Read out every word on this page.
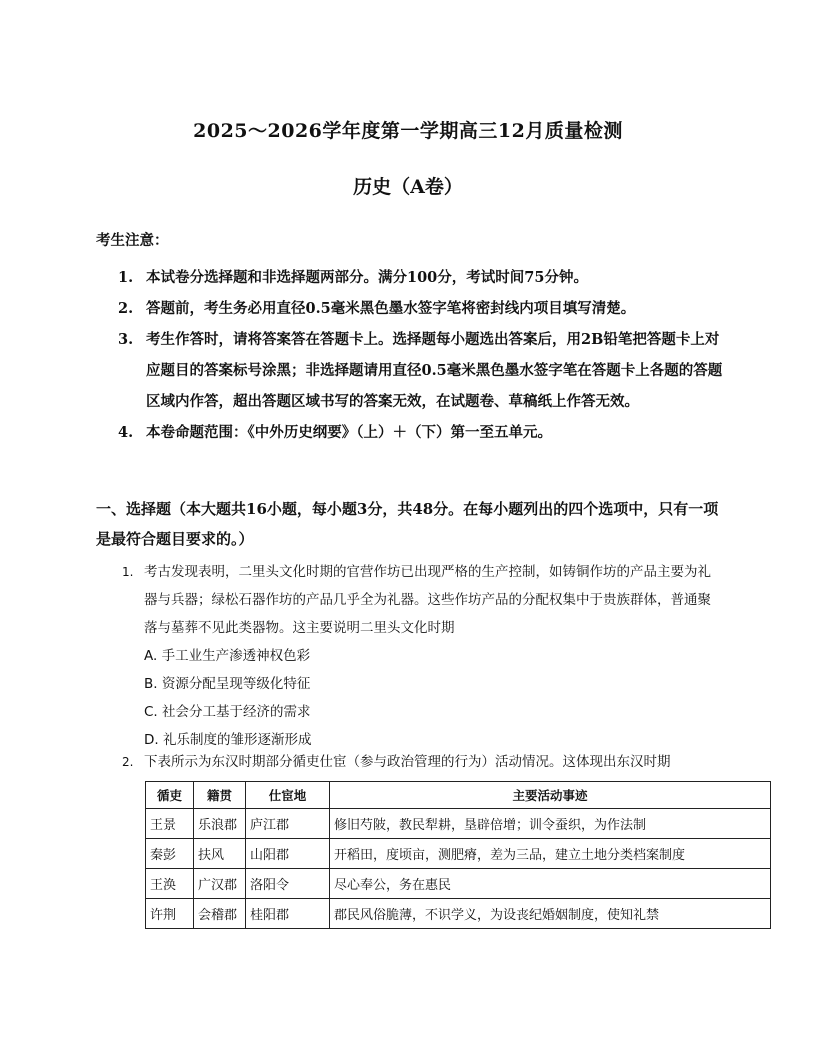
2025～2026学年度第一学期高三12月质量检测
历史（A卷）
考生注意：
1. 本试卷分选择题和非选择题两部分。满分100分，考试时间75分钟。
2. 答题前，考生务必用直径0.5毫米黑色墨水签字笔将密封线内项目填写清楚。
3. 考生作答时，请将答案答在答题卡上。选择题每小题选出答案后，用2B铅笔把答题卡上对应题目的答案标号涂黑；非选择题请用直径0.5毫米黑色墨水签字笔在答题卡上各题的答题区域内作答，超出答题区域书写的答案无效，在试题卷、草稿纸上作答无效。
4. 本卷命题范围：《中外历史纲要》（上）＋（下）第一至五单元。
一、选择题（本大题共16小题，每小题3分，共48分。在每小题列出的四个选项中，只有一项是最符合题目要求的。）
1. 考古发现表明，二里头文化时期的官营作坊已出现严格的生产控制，如铸铜作坊的产品主要为礼器与兵器；绿松石器作坊的产品几乎全为礼器。这些作坊产品的分配权集中于贵族群体，普通聚落与墓葬不见此类器物。这主要说明二里头文化时期
A. 手工业生产渗透神权色彩
B. 资源分配呈现等级化特征
C. 社会分工基于经济的需求
D. 礼乐制度的雏形逐渐形成
2. 下表所示为东汉时期部分循吏仕宦（参与政治管理的行为）活动情况。这体现出东汉时期
循吏	籍贯	仕宦地	主要活动事迹
王景	乐浪郡	庐江郡	修旧芍陂，教民犁耕，垦辟倍增；训令蚕织，为作法制
秦彭	扶风	山阳郡	开稻田，度顷亩，测肥瘠，差为三品，建立土地分类档案制度
王涣	广汉郡	洛阳令	尽心奉公，务在惠民
许荆	会稽郡	桂阳郡	郡民风俗脆薄，不识学义，为设丧纪婚姻制度，使知礼禁
